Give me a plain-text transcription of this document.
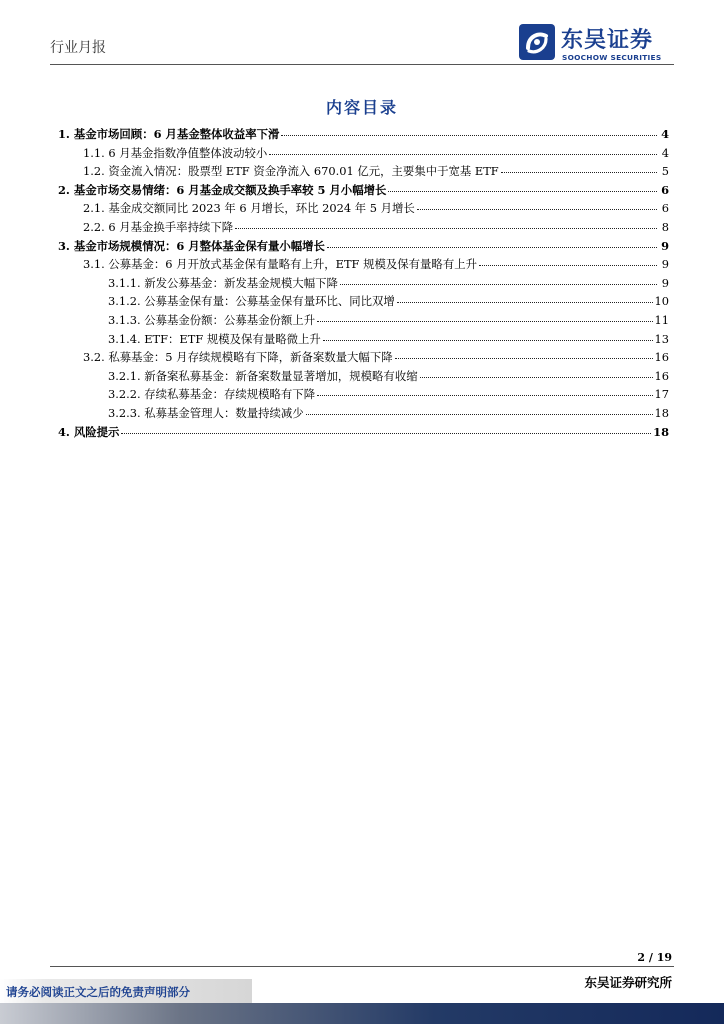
行业月报	东吴证券
SOOCHOW SECURITIES
内容目录
1. 基金市场回顾：6 月基金整体收益率下滑	4
1.1. 6 月基金指数净值整体波动较小	4
1.2. 资金流入情况：股票型 ETF 资金净流入 670.01 亿元，主要集中于宽基 ETF	5
2. 基金市场交易情绪：6 月基金成交额及换手率较 5 月小幅增长	6
2.1. 基金成交额同比 2023 年 6 月增长，环比 2024 年 5 月增长	6
2.2. 6 月基金换手率持续下降	8
3. 基金市场规模情况：6 月整体基金保有量小幅增长	9
3.1. 公募基金：6 月开放式基金保有量略有上升，ETF 规模及保有量略有上升	9
3.1.1. 新发公募基金：新发基金规模大幅下降	9
3.1.2. 公募基金保有量：公募基金保有量环比、同比双增	10
3.1.3. 公募基金份额：公募基金份额上升	11
3.1.4. ETF：ETF 规模及保有量略微上升	13
3.2. 私募基金：5 月存续规模略有下降，新备案数量大幅下降	16
3.2.1. 新备案私募基金：新备案数量显著增加，规模略有收缩	16
3.2.2. 存续私募基金：存续规模略有下降	17
3.2.3. 私募基金管理人：数量持续减少	18
4. 风险提示	18
2 / 19
东吴证券研究所
请务必阅读正文之后的免责声明部分
